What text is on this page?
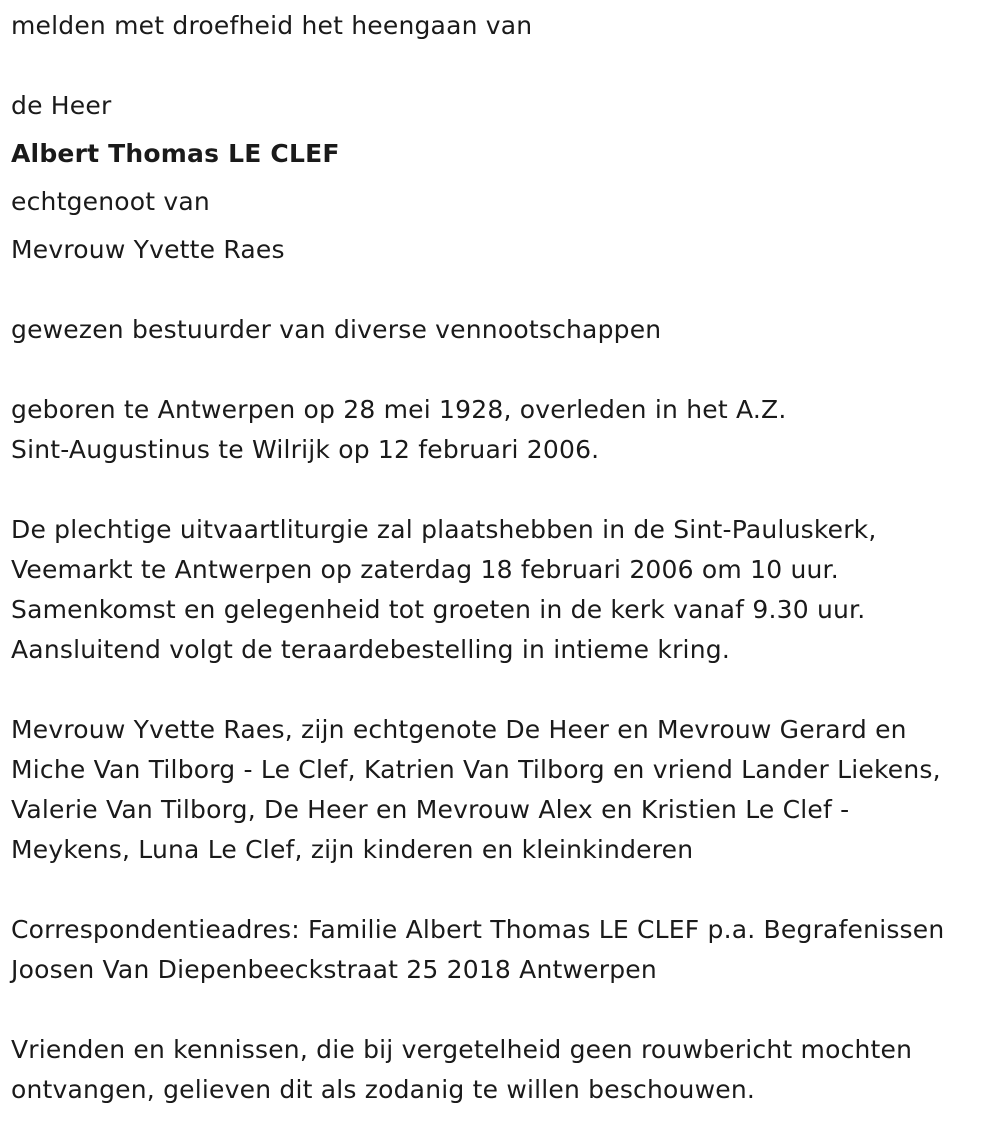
melden met droefheid het heengaan van
de Heer
Albert Thomas LE CLEF
echtgenoot van
Mevrouw Yvette Raes
gewezen bestuurder van diverse vennootschappen
geboren te Antwerpen op 28 mei 1928, overleden in het A.Z.
Sint-Augustinus te Wilrijk op 12 februari 2006.
De plechtige uitvaartliturgie zal plaatshebben in de Sint-Pauluskerk,
Veemarkt te Antwerpen op zaterdag 18 februari 2006 om 10 uur.
Samenkomst en gelegenheid tot groeten in de kerk vanaf 9.30 uur.
Aansluitend volgt de teraardebestelling in intieme kring.
Mevrouw Yvette Raes, zijn echtgenote De Heer en Mevrouw Gerard en
Miche Van Tilborg - Le Clef, Katrien Van Tilborg en vriend Lander Liekens,
Valerie Van Tilborg, De Heer en Mevrouw Alex en Kristien Le Clef -
Meykens, Luna Le Clef, zijn kinderen en kleinkinderen
Correspondentieadres: Familie Albert Thomas LE CLEF p.a. Begrafenissen
Joosen Van Diepenbeeckstraat 25 2018 Antwerpen
Vrienden en kennissen, die bij vergetelheid geen rouwbericht mochten
ontvangen, gelieven dit als zodanig te willen beschouwen.
